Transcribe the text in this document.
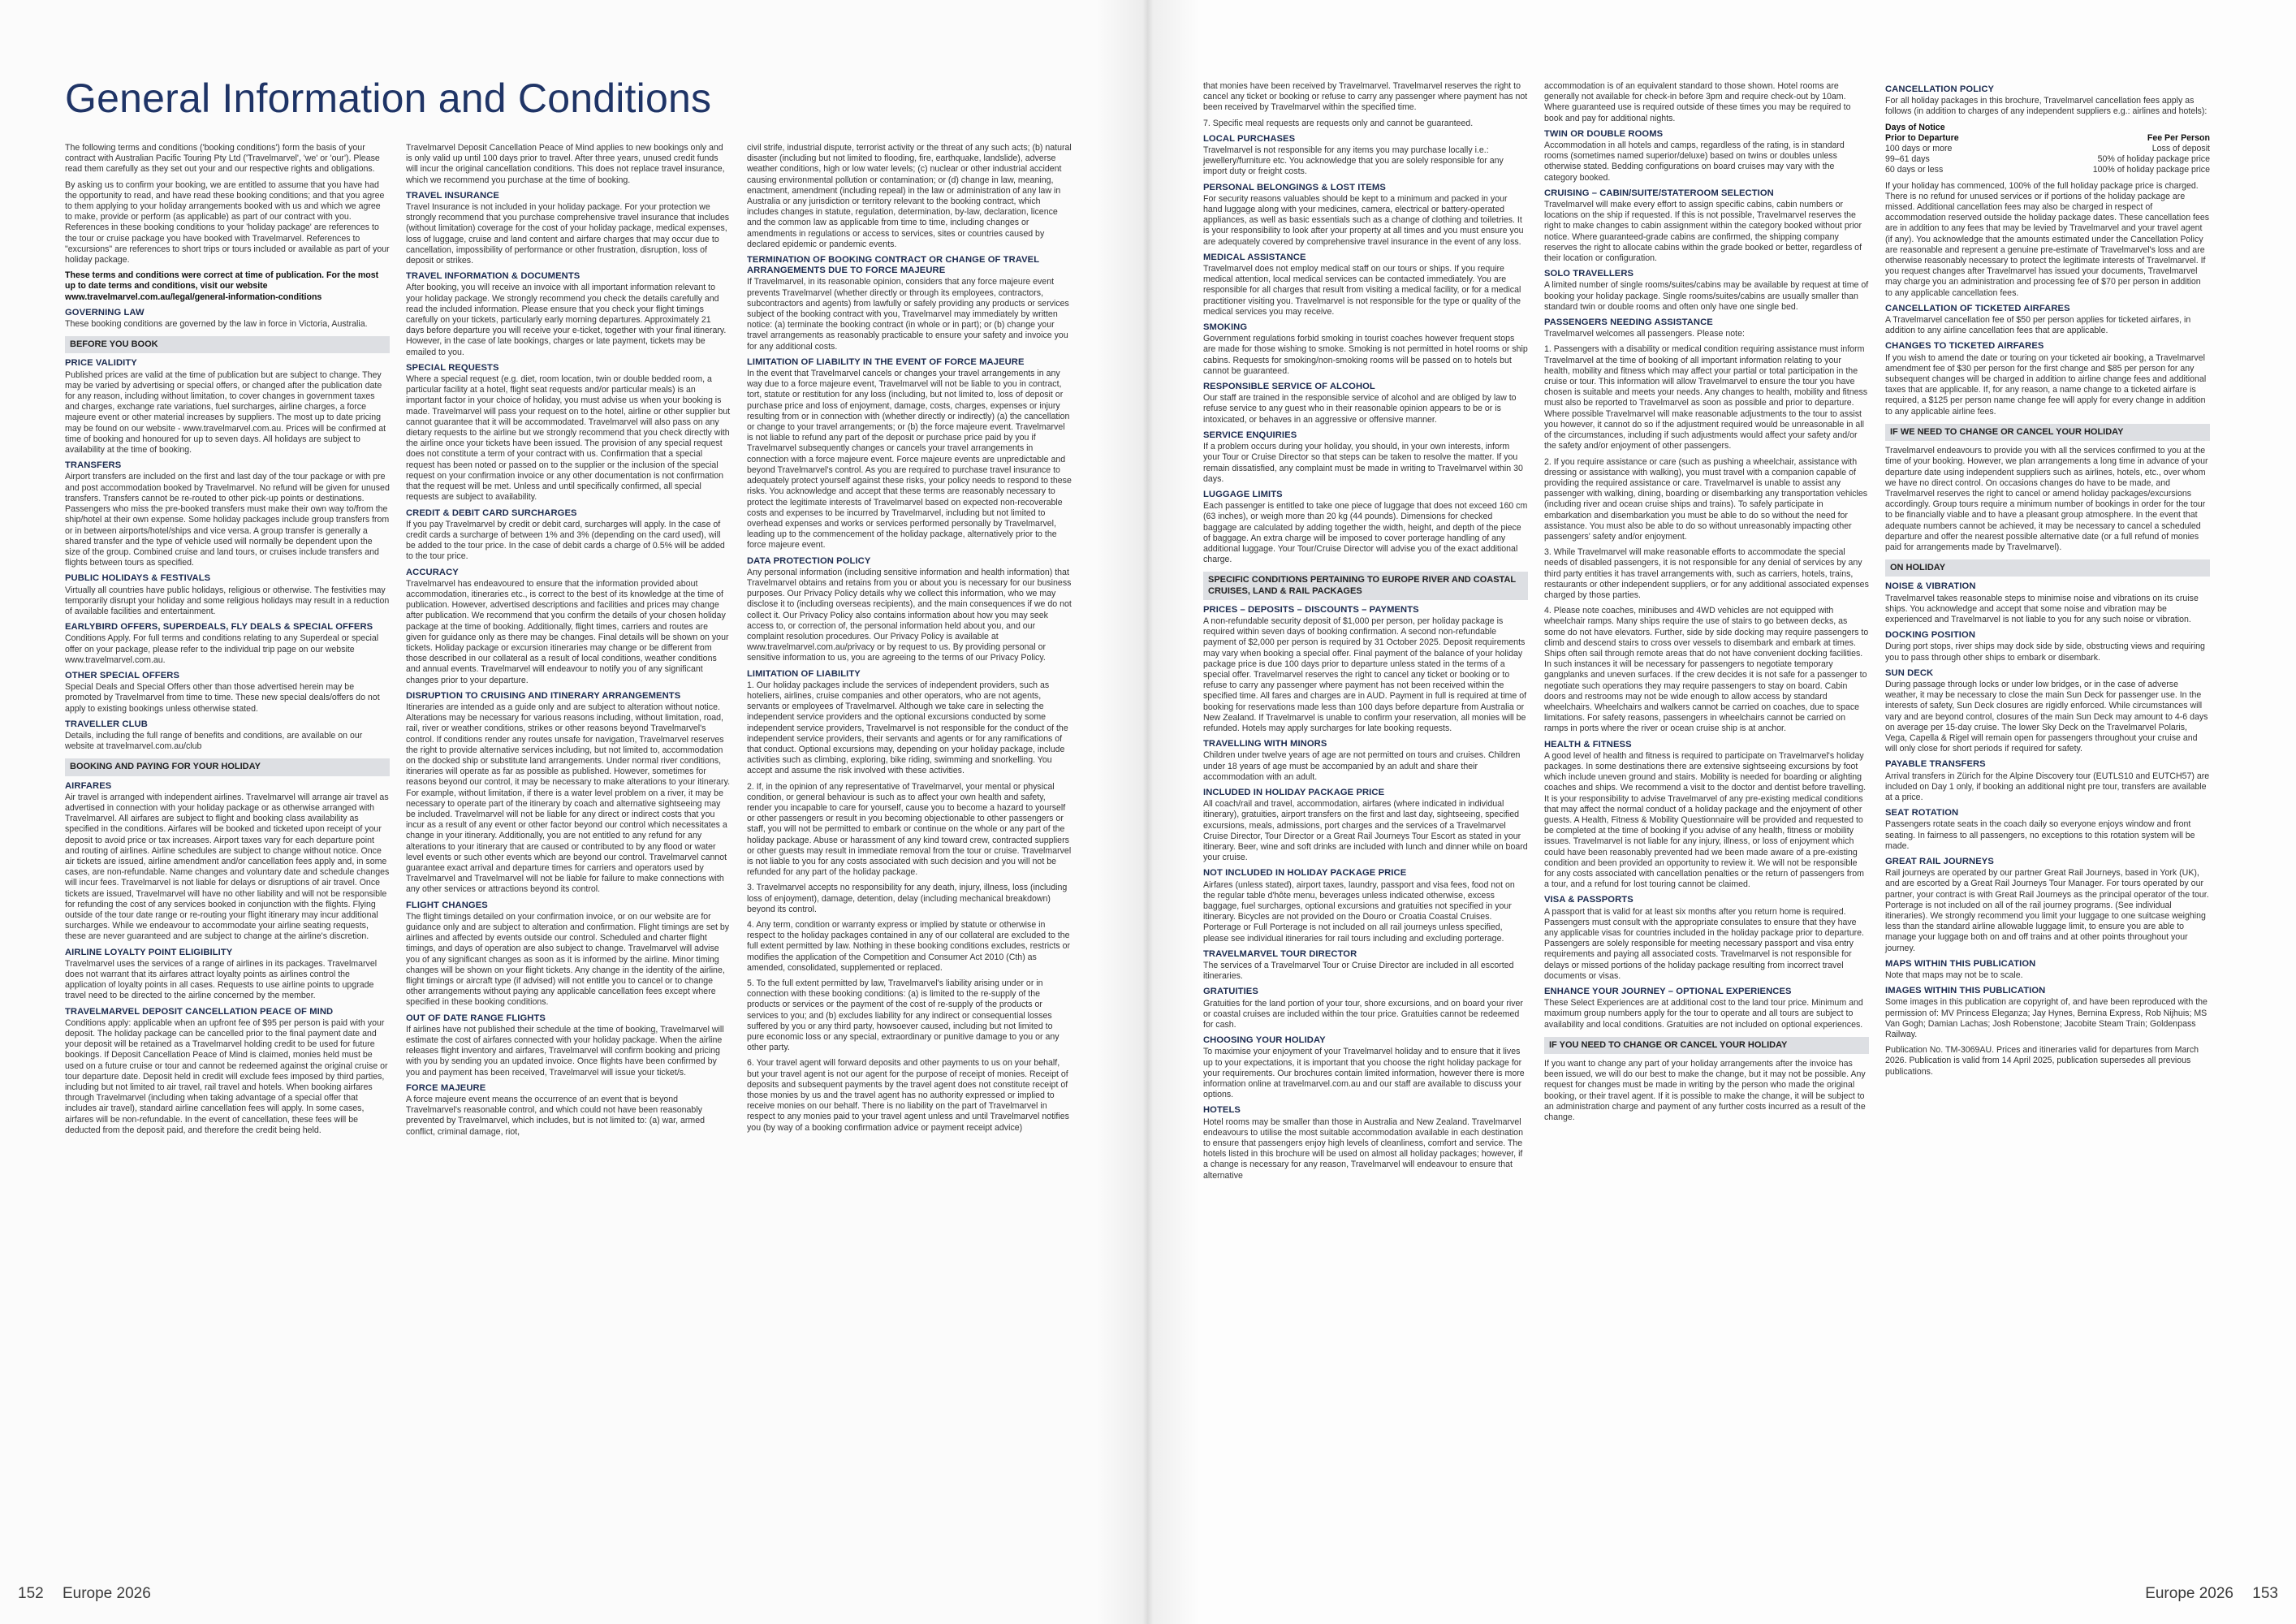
General Information and Conditions

The following terms and conditions ('booking conditions') form the basis of your contract with Australian Pacific Touring Pty Ltd ('Travelmarvel', 'we' or 'our'). Please read them carefully as they set out your and our respective rights and obligations.

By asking us to confirm your booking, we are entitled to assume that you have had the opportunity to read, and have read these booking conditions; and that you agree to them applying to your holiday arrangements booked with us and which we agree to make, provide or perform (as applicable) as part of our contract with you. References in these booking conditions to your 'holiday package' are references to the tour or cruise package you have booked with Travelmarvel. References to "excursions" are references to short trips or tours included or available as part of your holiday package.

These terms and conditions were correct at time of publication. For the most up to date terms and conditions, visit our website www.travelmarvel.com.au/legal/general-information-conditions

GOVERNING LAW

These booking conditions are governed by the law in force in Victoria, Australia.

BEFORE YOU BOOK
PRICE VALIDITY

Published prices are valid at the time of publication but are subject to change. They may be varied by advertising or special offers, or changed after the publication date for any reason, including without limitation, to cover changes in government taxes and charges, exchange rate variations, fuel surcharges, airline charges, a force majeure event or other material increases by suppliers. The most up to date pricing may be found on our website - www.travelmarvel.com.au. Prices will be confirmed at time of booking and honoured for up to seven days. All holidays are subject to availability at the time of booking.

TRANSFERS

Airport transfers are included on the first and last day of the tour package or with pre and post accommodation booked by Travelmarvel. No refund will be given for unused transfers. Transfers cannot be re-routed to other pick-up points or destinations. Passengers who miss the pre-booked transfers must make their own way to/from the ship/hotel at their own expense. Some holiday packages include group transfers from or in between airports/hotel/ships and vice versa. A group transfer is generally a shared transfer and the type of vehicle used will normally be dependent upon the size of the group. Combined cruise and land tours, or cruises include transfers and flights between tours as specified.

PUBLIC HOLIDAYS & FESTIVALS

Virtually all countries have public holidays, religious or otherwise. The festivities may temporarily disrupt your holiday and some religious holidays may result in a reduction of available facilities and entertainment.

EARLYBIRD OFFERS, SUPERDEALS, FLY DEALS & SPECIAL OFFERS

Conditions Apply. For full terms and conditions relating to any Superdeal or special offer on your package, please refer to the individual trip page on our website www.travelmarvel.com.au.

OTHER SPECIAL OFFERS

Special Deals and Special Offers other than those advertised herein may be promoted by Travelmarvel from time to time. These new special deals/offers do not apply to existing bookings unless otherwise stated.

TRAVELLER CLUB

Details, including the full range of benefits and conditions, are available on our website at travelmarvel.com.au/club

BOOKING AND PAYING FOR YOUR HOLIDAY
AIRFARES

Air travel is arranged with independent airlines. Travelmarvel will arrange air travel as advertised in connection with your holiday package or as otherwise arranged with Travelmarvel. All airfares are subject to flight and booking class availability as specified in the conditions. Airfares will be booked and ticketed upon receipt of your deposit to avoid price or tax increases. Airport taxes vary for each departure point and routing of airlines. Airline schedules are subject to change without notice. Once air tickets are issued, airline amendment and/or cancellation fees apply and, in some cases, are non-refundable. Name changes and voluntary date and schedule changes will incur fees. Travelmarvel is not liable for delays or disruptions of air travel. Once tickets are issued, Travelmarvel will have no other liability and will not be responsible for refunding the cost of any services booked in conjunction with the flights. Flying outside of the tour date range or re-routing your flight itinerary may incur additional surcharges. While we endeavour to accommodate your airline seating requests, these are never guaranteed and are subject to change at the airline's discretion.

AIRLINE LOYALTY POINT ELIGIBILITY

Travelmarvel uses the services of a range of airlines in its packages. Travelmarvel does not warrant that its airfares attract loyalty points as airlines control the application of loyalty points in all cases. Requests to use airline points to upgrade travel need to be directed to the airline concerned by the member.

TRAVELMARVEL DEPOSIT CANCELLATION PEACE OF MIND

Conditions apply: applicable when an upfront fee of $95 per person is paid with your deposit. The holiday package can be cancelled prior to the final payment date and your deposit will be retained as a Travelmarvel holding credit to be used for future bookings. If Deposit Cancellation Peace of Mind is claimed, monies held must be used on a future cruise or tour and cannot be redeemed against the original cruise or tour departure date. Deposit held in credit will exclude fees imposed by third parties, including but not limited to air travel, rail travel and hotels. When booking airfares through Travelmarvel (including when taking advantage of a special offer that includes air travel), standard airline cancellation fees will apply. In some cases, airfares will be non-refundable. In the event of cancellation, these fees will be deducted from the deposit paid, and therefore the credit being held.

Travelmarvel Deposit Cancellation Peace of Mind applies to new bookings only and is only valid up until 100 days prior to travel. After three years, unused credit funds will incur the original cancellation conditions. This does not replace travel insurance, which we recommend you purchase at the time of booking.

TRAVEL INSURANCE

Travel Insurance is not included in your holiday package. For your protection we strongly recommend that you purchase comprehensive travel insurance that includes (without limitation) coverage for the cost of your holiday package, medical expenses, loss of luggage, cruise and land content and airfare charges that may occur due to cancellation, impossibility of performance or other frustration, disruption, loss of deposit or strikes.

TRAVEL INFORMATION & DOCUMENTS

After booking, you will receive an invoice with all important information relevant to your holiday package. We strongly recommend you check the details carefully and read the included information. Please ensure that you check your flight timings carefully on your tickets, particularly early morning departures. Approximately 21 days before departure you will receive your e-ticket, together with your final itinerary. However, in the case of late bookings, charges or late payment, tickets may be emailed to you.

SPECIAL REQUESTS

Where a special request (e.g. diet, room location, twin or double bedded room, a particular facility at a hotel, flight seat requests and/or particular meals) is an important factor in your choice of holiday, you must advise us when your booking is made. Travelmarvel will pass your request on to the hotel, airline or other supplier but cannot guarantee that it will be accommodated. Travelmarvel will also pass on any dietary requests to the airline but we strongly recommend that you check directly with the airline once your tickets have been issued. The provision of any special request does not constitute a term of your contract with us. Confirmation that a special request has been noted or passed on to the supplier or the inclusion of the special request on your confirmation invoice or any other documentation is not confirmation that the request will be met. Unless and until specifically confirmed, all special requests are subject to availability.

CREDIT & DEBIT CARD SURCHARGES

If you pay Travelmarvel by credit or debit card, surcharges will apply. In the case of credit cards a surcharge of between 1% and 3% (depending on the card used), will be added to the tour price. In the case of debit cards a charge of 0.5% will be added to the tour price.

ACCURACY

Travelmarvel has endeavoured to ensure that the information provided about accommodation, itineraries etc., is correct to the best of its knowledge at the time of publication. However, advertised descriptions and facilities and prices may change after publication. We recommend that you confirm the details of your chosen holiday package at the time of booking. Additionally, flight times, carriers and routes are given for guidance only as there may be changes. Final details will be shown on your tickets. Holiday package or excursion itineraries may change or be different from those described in our collateral as a result of local conditions, weather conditions and annual events. Travelmarvel will endeavour to notify you of any significant changes prior to your departure.

DISRUPTION TO CRUISING AND ITINERARY ARRANGEMENTS

Itineraries are intended as a guide only and are subject to alteration without notice. Alterations may be necessary for various reasons including, without limitation, road, rail, river or weather conditions, strikes or other reasons beyond Travelmarvel's control. If conditions render any routes unsafe for navigation, Travelmarvel reserves the right to provide alternative services including, but not limited to, accommodation on the docked ship or substitute land arrangements. Under normal river conditions, itineraries will operate as far as possible as published. However, sometimes for reasons beyond our control, it may be necessary to make alterations to your itinerary. For example, without limitation, if there is a water level problem on a river, it may be necessary to operate part of the itinerary by coach and alternative sightseeing may be included. Travelmarvel will not be liable for any direct or indirect costs that you incur as a result of any event or other factor beyond our control which necessitates a change in your itinerary. Additionally, you are not entitled to any refund for any alterations to your itinerary that are caused or contributed to by any flood or water level events or such other events which are beyond our control. Travelmarvel cannot guarantee exact arrival and departure times for carriers and operators used by Travelmarvel and Travelmarvel will not be liable for failure to make connections with any other services or attractions beyond its control.

FLIGHT CHANGES

The flight timings detailed on your confirmation invoice, or on our website are for guidance only and are subject to alteration and confirmation. Flight timings are set by airlines and affected by events outside our control. Scheduled and charter flight timings, and days of operation are also subject to change. Travelmarvel will advise you of any significant changes as soon as it is informed by the airline. Minor timing changes will be shown on your flight tickets. Any change in the identity of the airline, flight timings or aircraft type (if advised) will not entitle you to cancel or to change other arrangements without paying any applicable cancellation fees except where specified in these booking conditions.

OUT OF DATE RANGE FLIGHTS

If airlines have not published their schedule at the time of booking, Travelmarvel will estimate the cost of airfares connected with your holiday package. When the airline releases flight inventory and airfares, Travelmarvel will confirm booking and pricing with you by sending you an updated invoice. Once flights have been confirmed by you and payment has been received, Travelmarvel will issue your ticket/s.

FORCE MAJEURE

A force majeure event means the occurrence of an event that is beyond Travelmarvel's reasonable control, and which could not have been reasonably prevented by Travelmarvel, which includes, but is not limited to: (a) war, armed conflict, criminal damage, riot,

civil strife, industrial dispute, terrorist activity or the threat of any such acts; (b) natural disaster (including but not limited to flooding, fire, earthquake, landslide), adverse weather conditions, high or low water levels; (c) nuclear or other industrial accident causing environmental pollution or contamination; or (d) change in law, meaning, enactment, amendment (including repeal) in the law or administration of any law in Australia or any jurisdiction or territory relevant to the booking contract, which includes changes in statute, regulation, determination, by-law, declaration, licence and the common law as applicable from time to time, including changes or amendments in regulations or access to services, sites or countries caused by declared epidemic or pandemic events.

TERMINATION OF BOOKING CONTRACT OR CHANGE OF TRAVEL ARRANGEMENTS DUE TO FORCE MAJEURE

If Travelmarvel, in its reasonable opinion, considers that any force majeure event prevents Travelmarvel (whether directly or through its employees, contractors, subcontractors and agents) from lawfully or safely providing any products or services subject of the booking contract with you, Travelmarvel may immediately by written notice: (a) terminate the booking contract (in whole or in part); or (b) change your travel arrangements as reasonably practicable to ensure your safety and invoice you for any additional costs.

LIMITATION OF LIABILITY IN THE EVENT OF FORCE MAJEURE

In the event that Travelmarvel cancels or changes your travel arrangements in any way due to a force majeure event, Travelmarvel will not be liable to you in contract, tort, statute or restitution for any loss (including, but not limited to, loss of deposit or purchase price and loss of enjoyment, damage, costs, charges, expenses or injury resulting from or in connection with (whether directly or indirectly) (a) the cancellation or change to your travel arrangements; or (b) the force majeure event. Travelmarvel is not liable to refund any part of the deposit or purchase price paid by you if Travelmarvel subsequently changes or cancels your travel arrangements in connection with a force majeure event. Force majeure events are unpredictable and beyond Travelmarvel's control. As you are required to purchase travel insurance to adequately protect yourself against these risks, your policy needs to respond to these risks. You acknowledge and accept that these terms are reasonably necessary to protect the legitimate interests of Travelmarvel based on expected non-recoverable costs and expenses to be incurred by Travelmarvel, including but not limited to overhead expenses and works or services performed personally by Travelmarvel, leading up to the commencement of the holiday package, alternatively prior to the force majeure event.

DATA PROTECTION POLICY

Any personal information (including sensitive information and health information) that Travelmarvel obtains and retains from you or about you is necessary for our business purposes. Our Privacy Policy details why we collect this information, who we may disclose it to (including overseas recipients), and the main consequences if we do not collect it. Our Privacy Policy also contains information about how you may seek access to, or correction of, the personal information held about you, and our complaint resolution procedures. Our Privacy Policy is available at www.travelmarvel.com.au/privacy or by request to us. By providing personal or sensitive information to us, you are agreeing to the terms of our Privacy Policy.

LIMITATION OF LIABILITY

1. Our holiday packages include the services of independent providers, such as hoteliers, airlines, cruise companies and other operators, who are not agents, servants or employees of Travelmarvel. Although we take care in selecting the independent service providers and the optional excursions conducted by some independent service providers, Travelmarvel is not responsible for the conduct of the independent service providers, their servants and agents or for any ramifications of that conduct. Optional excursions may, depending on your holiday package, include activities such as climbing, exploring, bike riding, swimming and snorkelling. You accept and assume the risk involved with these activities.

2. If, in the opinion of any representative of Travelmarvel, your mental or physical condition, or general behaviour is such as to affect your own health and safety, render you incapable to care for yourself, cause you to become a hazard to yourself or other passengers or result in you becoming objectionable to other passengers or staff, you will not be permitted to embark or continue on the whole or any part of the holiday package. Abuse or harassment of any kind toward crew, contracted suppliers or other guests may result in immediate removal from the tour or cruise. Travelmarvel is not liable to you for any costs associated with such decision and you will not be refunded for any part of the holiday package.

3. Travelmarvel accepts no responsibility for any death, injury, illness, loss (including loss of enjoyment), damage, detention, delay (including mechanical breakdown) beyond its control.

4. Any term, condition or warranty express or implied by statute or otherwise in respect to the holiday packages contained in any of our collateral are excluded to the full extent permitted by law. Nothing in these booking conditions excludes, restricts or modifies the application of the Competition and Consumer Act 2010 (Cth) as amended, consolidated, supplemented or replaced.

5. To the full extent permitted by law, Travelmarvel's liability arising under or in connection with these booking conditions: (a) is limited to the re-supply of the products or services or the payment of the cost of re-supply of the products or services to you; and (b) excludes liability for any indirect or consequential losses suffered by you or any third party, howsoever caused, including but not limited to pure economic loss or any special, extraordinary or punitive damage to you or any other party.

6. Your travel agent will forward deposits and other payments to us on your behalf, but your travel agent is not our agent for the purpose of receipt of monies. Receipt of deposits and subsequent payments by the travel agent does not constitute receipt of those monies by us and the travel agent has no authority expressed or implied to receive monies on our behalf. There is no liability on the part of Travelmarvel in respect to any monies paid to your travel agent unless and until Travelmarvel notifies you (by way of a booking confirmation advice or payment receipt advice)

152 Europe 2026

that monies have been received by Travelmarvel. Travelmarvel reserves the right to cancel any ticket or booking or refuse to carry any passenger where payment has not been received by Travelmarvel within the specified time.

7. Specific meal requests are requests only and cannot be guaranteed.

LOCAL PURCHASES

Travelmarvel is not responsible for any items you may purchase locally i.e.: jewellery/furniture etc. You acknowledge that you are solely responsible for any import duty or freight costs.

PERSONAL BELONGINGS & LOST ITEMS

For security reasons valuables should be kept to a minimum and packed in your hand luggage along with your medicines, camera, electrical or battery-operated appliances, as well as basic essentials such as a change of clothing and toiletries. It is your responsibility to look after your property at all times and you must ensure you are adequately covered by comprehensive travel insurance in the event of any loss.

MEDICAL ASSISTANCE

Travelmarvel does not employ medical staff on our tours or ships. If you require medical attention, local medical services can be contacted immediately. You are responsible for all charges that result from visiting a medical facility, or for a medical practitioner visiting you. Travelmarvel is not responsible for the type or quality of the medical services you may receive.

SMOKING

Government regulations forbid smoking in tourist coaches however frequent stops are made for those wishing to smoke. Smoking is not permitted in hotel rooms or ship cabins. Requests for smoking/non-smoking rooms will be passed on to hotels but cannot be guaranteed.

RESPONSIBLE SERVICE OF ALCOHOL

Our staff are trained in the responsible service of alcohol and are obliged by law to refuse service to any guest who in their reasonable opinion appears to be or is intoxicated, or behaves in an aggressive or offensive manner.

SERVICE ENQUIRIES

If a problem occurs during your holiday, you should, in your own interests, inform your Tour or Cruise Director so that steps can be taken to resolve the matter. If you remain dissatisfied, any complaint must be made in writing to Travelmarvel within 30 days.

LUGGAGE LIMITS

Each passenger is entitled to take one piece of luggage that does not exceed 160 cm (63 inches), or weigh more than 20 kg (44 pounds). Dimensions for checked baggage are calculated by adding together the width, height, and depth of the piece of baggage. An extra charge will be imposed to cover porterage handling of any additional luggage. Your Tour/Cruise Director will advise you of the exact additional charge.

SPECIFIC CONDITIONS PERTAINING TO EUROPE RIVER AND COASTAL CRUISES, LAND & RAIL PACKAGES
PRICES – DEPOSITS – DISCOUNTS – PAYMENTS

A non-refundable security deposit of $1,000 per person, per holiday package is required within seven days of booking confirmation. A second non-refundable payment of $2,000 per person is required by 31 October 2025. Deposit requirements may vary when booking a special offer. Final payment of the balance of your holiday package price is due 100 days prior to departure unless stated in the terms of a special offer. Travelmarvel reserves the right to cancel any ticket or booking or to refuse to carry any passenger where payment has not been received within the specified time. All fares and charges are in AUD. Payment in full is required at time of booking for reservations made less than 100 days before departure from Australia or New Zealand. If Travelmarvel is unable to confirm your reservation, all monies will be refunded. Hotels may apply surcharges for late booking requests.

TRAVELLING WITH MINORS

Children under twelve years of age are not permitted on tours and cruises. Children under 18 years of age must be accompanied by an adult and share their accommodation with an adult.

INCLUDED IN HOLIDAY PACKAGE PRICE

All coach/rail and travel, accommodation, airfares (where indicated in individual itinerary), gratuities, airport transfers on the first and last day, sightseeing, specified excursions, meals, admissions, port charges and the services of a Travelmarvel Cruise Director, Tour Director or a Great Rail Journeys Tour Escort as stated in your itinerary. Beer, wine and soft drinks are included with lunch and dinner while on board your cruise.

NOT INCLUDED IN HOLIDAY PACKAGE PRICE

Airfares (unless stated), airport taxes, laundry, passport and visa fees, food not on the regular table d'hôte menu, beverages unless indicated otherwise, excess baggage, fuel surcharges, optional excursions and gratuities not specified in your itinerary. Bicycles are not provided on the Douro or Croatia Coastal Cruises. Porterage or Full Porterage is not included on all rail journeys unless specified, please see individual itineraries for rail tours including and excluding porterage.

TRAVELMARVEL TOUR DIRECTOR

The services of a Travelmarvel Tour or Cruise Director are included in all escorted itineraries.

GRATUITIES

Gratuities for the land portion of your tour, shore excursions, and on board your river or coastal cruises are included within the tour price. Gratuities cannot be redeemed for cash.

CHOOSING YOUR HOLIDAY

To maximise your enjoyment of your Travelmarvel holiday and to ensure that it lives up to your expectations, it is important that you choose the right holiday package for your requirements. Our brochures contain limited information, however there is more information online at travelmarvel.com.au and our staff are available to discuss your options.

HOTELS

Hotel rooms may be smaller than those in Australia and New Zealand. Travelmarvel endeavours to utilise the most suitable accommodation available in each destination to ensure that passengers enjoy high levels of cleanliness, comfort and service. The hotels listed in this brochure will be used on almost all holiday packages; however, if a change is necessary for any reason, Travelmarvel will endeavour to ensure that alternative

accommodation is of an equivalent standard to those shown. Hotel rooms are generally not available for check-in before 3pm and require check-out by 10am. Where guaranteed use is required outside of these times you may be required to book and pay for additional nights.

TWIN OR DOUBLE ROOMS

Accommodation in all hotels and camps, regardless of the rating, is in standard rooms (sometimes named superior/deluxe) based on twins or doubles unless otherwise stated. Bedding configurations on board cruises may vary with the category booked.

CRUISING – CABIN/SUITE/STATEROOM SELECTION

Travelmarvel will make every effort to assign specific cabins, cabin numbers or locations on the ship if requested. If this is not possible, Travelmarvel reserves the right to make changes to cabin assignment within the category booked without prior notice. Where guaranteed-grade cabins are confirmed, the shipping company reserves the right to allocate cabins within the grade booked or better, regardless of their location or configuration.

SOLO TRAVELLERS

A limited number of single rooms/suites/cabins may be available by request at time of booking your holiday package. Single rooms/suites/cabins are usually smaller than standard twin or double rooms and often only have one single bed.

PASSENGERS NEEDING ASSISTANCE

Travelmarvel welcomes all passengers. Please note:

1. Passengers with a disability or medical condition requiring assistance must inform Travelmarvel at the time of booking of all important information relating to your health, mobility and fitness which may affect your partial or total participation in the cruise or tour. This information will allow Travelmarvel to ensure the tour you have chosen is suitable and meets your needs. Any changes to health, mobility and fitness must also be reported to Travelmarvel as soon as possible and prior to departure. Where possible Travelmarvel will make reasonable adjustments to the tour to assist you however, it cannot do so if the adjustment required would be unreasonable in all of the circumstances, including if such adjustments would affect your safety and/or the safety and/or enjoyment of other passengers.

2. If you require assistance or care (such as pushing a wheelchair, assistance with dressing or assistance with walking), you must travel with a companion capable of providing the required assistance or care. Travelmarvel is unable to assist any passenger with walking, dining, boarding or disembarking any transportation vehicles (including river and ocean cruise ships and trains). To safely participate in embarkation and disembarkation you must be able to do so without the need for assistance. You must also be able to do so without unreasonably impacting other passengers' safety and/or enjoyment.

3. While Travelmarvel will make reasonable efforts to accommodate the special needs of disabled passengers, it is not responsible for any denial of services by any third party entities it has travel arrangements with, such as carriers, hotels, trains, restaurants or other independent suppliers, or for any additional associated expenses charged by those parties.

4. Please note coaches, minibuses and 4WD vehicles are not equipped with wheelchair ramps. Many ships require the use of stairs to go between decks, as some do not have elevators. Further, side by side docking may require passengers to climb and descend stairs to cross over vessels to disembark and embark at times. Ships often sail through remote areas that do not have convenient docking facilities. In such instances it will be necessary for passengers to negotiate temporary gangplanks and uneven surfaces. If the crew decides it is not safe for a passenger to negotiate such operations they may require passengers to stay on board. Cabin doors and restrooms may not be wide enough to allow access by standard wheelchairs. Wheelchairs and walkers cannot be carried on coaches, due to space limitations. For safety reasons, passengers in wheelchairs cannot be carried on ramps in ports where the river or ocean cruise ship is at anchor.

HEALTH & FITNESS

A good level of health and fitness is required to participate on Travelmarvel's holiday packages. In some destinations there are extensive sightseeing excursions by foot which include uneven ground and stairs. Mobility is needed for boarding or alighting coaches and ships. We recommend a visit to the doctor and dentist before travelling. It is your responsibility to advise Travelmarvel of any pre-existing medical conditions that may affect the normal conduct of a holiday package and the enjoyment of other guests. A Health, Fitness & Mobility Questionnaire will be provided and requested to be completed at the time of booking if you advise of any health, fitness or mobility issues. Travelmarvel is not liable for any injury, illness, or loss of enjoyment which could have been reasonably prevented had we been made aware of a pre-existing condition and been provided an opportunity to review it. We will not be responsible for any costs associated with cancellation penalties or the return of passengers from a tour, and a refund for lost touring cannot be claimed.

VISA & PASSPORTS

A passport that is valid for at least six months after you return home is required. Passengers must consult with the appropriate consulates to ensure that they have any applicable visas for countries included in the holiday package prior to departure. Passengers are solely responsible for meeting necessary passport and visa entry requirements and paying all associated costs. Travelmarvel is not responsible for delays or missed portions of the holiday package resulting from incorrect travel documents or visas.

ENHANCE YOUR JOURNEY – OPTIONAL EXPERIENCES

These Select Experiences are at additional cost to the land tour price. Minimum and maximum group numbers apply for the tour to operate and all tours are subject to availability and local conditions. Gratuities are not included on optional experiences.

IF YOU NEED TO CHANGE OR CANCEL YOUR HOLIDAY

If you want to change any part of your holiday arrangements after the invoice has been issued, we will do our best to make the change, but it may not be possible. Any request for changes must be made in writing by the person who made the original booking, or their travel agent. If it is possible to make the change, it will be subject to an administration charge and payment of any further costs incurred as a result of the change.

CANCELLATION POLICY

For all holiday packages in this brochure, Travelmarvel cancellation fees apply as follows (in addition to charges of any independent suppliers e.g.: airlines and hotels):

Days of Notice
Prior to Departure	Fee Per Person
100 days or more	Loss of deposit
99–61 days	50% of holiday package price
60 days or less	100% of holiday package price

If your holiday has commenced, 100% of the full holiday package price is charged. There is no refund for unused services or if portions of the holiday package are missed. Additional cancellation fees may also be charged in respect of accommodation reserved outside the holiday package dates. These cancellation fees are in addition to any fees that may be levied by Travelmarvel and your travel agent (if any). You acknowledge that the amounts estimated under the Cancellation Policy are reasonable and represent a genuine pre-estimate of Travelmarvel's loss and are otherwise reasonably necessary to protect the legitimate interests of Travelmarvel. If you request changes after Travelmarvel has issued your documents, Travelmarvel may charge you an administration and processing fee of $70 per person in addition to any applicable cancellation fees.

CANCELLATION OF TICKETED AIRFARES

A Travelmarvel cancellation fee of $50 per person applies for ticketed airfares, in addition to any airline cancellation fees that are applicable.

CHANGES TO TICKETED AIRFARES

If you wish to amend the date or touring on your ticketed air booking, a Travelmarvel amendment fee of $30 per person for the first change and $85 per person for any subsequent changes will be charged in addition to airline change fees and additional taxes that are applicable. If, for any reason, a name change to a ticketed airfare is required, a $125 per person name change fee will apply for every change in addition to any applicable airline fees.

IF WE NEED TO CHANGE OR CANCEL YOUR HOLIDAY

Travelmarvel endeavours to provide you with all the services confirmed to you at the time of your booking. However, we plan arrangements a long time in advance of your departure date using independent suppliers such as airlines, hotels, etc., over whom we have no direct control. On occasions changes do have to be made, and Travelmarvel reserves the right to cancel or amend holiday packages/excursions accordingly. Group tours require a minimum number of bookings in order for the tour to be financially viable and to have a pleasant group atmosphere. In the event that adequate numbers cannot be achieved, it may be necessary to cancel a scheduled departure and offer the nearest possible alternative date (or a full refund of monies paid for arrangements made by Travelmarvel).

ON HOLIDAY
NOISE & VIBRATION

Travelmarvel takes reasonable steps to minimise noise and vibrations on its cruise ships. You acknowledge and accept that some noise and vibration may be experienced and Travelmarvel is not liable to you for any such noise or vibration.

DOCKING POSITION

During port stops, river ships may dock side by side, obstructing views and requiring you to pass through other ships to embark or disembark.

SUN DECK

During passage through locks or under low bridges, or in the case of adverse weather, it may be necessary to close the main Sun Deck for passenger use. In the interests of safety, Sun Deck closures are rigidly enforced. While circumstances will vary and are beyond control, closures of the main Sun Deck may amount to 4-6 days on average per 15-day cruise. The lower Sky Deck on the Travelmarvel Polaris, Vega, Capella & Rigel will remain open for passengers throughout your cruise and will only close for short periods if required for safety.

PAYABLE TRANSFERS

Arrival transfers in Zürich for the Alpine Discovery tour (EUTLS10 and EUTCH57) are included on Day 1 only, if booking an additional night pre tour, transfers are available at a price.

SEAT ROTATION

Passengers rotate seats in the coach daily so everyone enjoys window and front seating. In fairness to all passengers, no exceptions to this rotation system will be made.

GREAT RAIL JOURNEYS

Rail journeys are operated by our partner Great Rail Journeys, based in York (UK), and are escorted by a Great Rail Journeys Tour Manager. For tours operated by our partner, your contract is with Great Rail Journeys as the principal operator of the tour. Porterage is not included on all of the rail journey programs. (See individual itineraries). We strongly recommend you limit your luggage to one suitcase weighing less than the standard airline allowable luggage limit, to ensure you are able to manage your luggage both on and off trains and at other points throughout your journey.

MAPS WITHIN THIS PUBLICATION

Note that maps may not be to scale.

IMAGES WITHIN THIS PUBLICATION

Some images in this publication are copyright of, and have been reproduced with the permission of: MV Princess Eleganza; Jay Hynes, Bernina Express, Rob Nijhuis; MS Van Gogh; Damian Lachas; Josh Robenstone; Jacobite Steam Train; Goldenpass Railway.

Publication No. TM-3069AU. Prices and itineraries valid for departures from March 2026. Publication is valid from 14 April 2025, publication supersedes all previous publications.

Europe 2026 153
